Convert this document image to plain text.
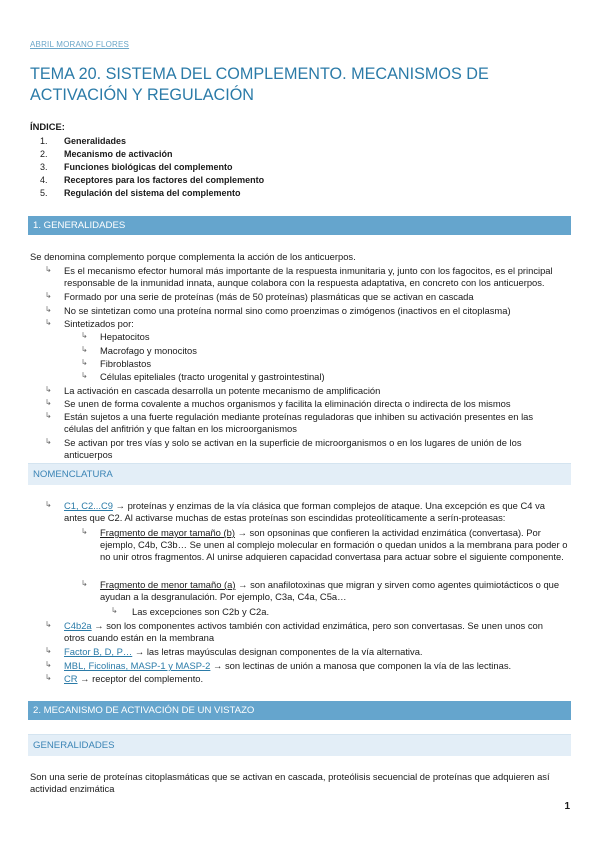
ABRIL MORANO FLORES
TEMA 20. SISTEMA DEL COMPLEMENTO. MECANISMOS DE ACTIVACIÓN Y REGULACIÓN
ÍNDICE:
1. Generalidades
2. Mecanismo de activación
3. Funciones biológicas del complemento
4. Receptores para los factores del complemento
5. Regulación del sistema del complemento
1. GENERALIDADES
Se denomina complemento porque complementa la acción de los anticuerpos.
↳ Es el mecanismo efector humoral más importante de la respuesta inmunitaria y, junto con los fagocitos, es el principal responsable de la inmunidad innata, aunque colabora con la respuesta adaptativa, en concreto con los anticuerpos.
↳ Formado por una serie de proteínas (más de 50 proteínas) plasmáticas que se activan en cascada
↳ No se sintetizan como una proteína normal sino como proenzimas o zimógenos (inactivos en el citoplasma)
↳ Sintetizados por:
↳ Hepatocitos
↳ Macrofago y monocitos
↳ Fibroblastos
↳ Células epiteliales (tracto urogenital y gastrointestinal)
↳ La activación en cascada desarrolla un potente mecanismo de amplificación
↳ Se unen de forma covalente a muchos organismos y facilita la eliminación directa o indirecta de los mismos
↳ Están sujetos a una fuerte regulación mediante proteínas reguladoras que inhiben su activación presentes en las células del anfitrión y que faltan en los microorganismos
↳ Se activan por tres vías y solo se activan en la superficie de microorganismos o en los lugares de unión de los anticuerpos
NOMENCLATURA
↳ C1, C2...C9 → proteínas y enzimas de la vía clásica que forman complejos de ataque. Una excepción es que C4 va antes que C2. Al activarse muchas de estas proteínas son escindidas proteolíticamente a serín-proteasas:
↳ Fragmento de mayor tamaño (b) → son opsoninas que confieren la actividad enzimática (convertasa). Por ejemplo, C4b, C3b… Se unen al complejo molecular en formación o quedan unidos a la membrana para poder o no unir otros fragmentos. Al unirse adquieren capacidad convertasa para actuar sobre el siguiente componente.
↳ Fragmento de menor tamaño (a) → son anafilotoxinas que migran y sirven como agentes quimiotácticos o que ayudan a la desgranulación. Por ejemplo, C3a, C4a, C5a…
↳ Las excepciones son C2b y C2a.
↳ C4b2a → son los componentes activos también con actividad enzimática, pero son convertasas. Se unen unos con otros cuando están en la membrana
↳ Factor B, D, P… → las letras mayúsculas designan componentes de la vía alternativa.
↳ MBL, Ficolinas, MASP-1 y MASP-2 → son lectinas de unión a manosa que componen la vía de las lectinas.
↳ CR → receptor del complemento.
2. MECANISMO DE ACTIVACIÓN DE UN VISTAZO
GENERALIDADES
Son una serie de proteínas citoplasmáticas que se activan en cascada, proteólisis secuencial de proteínas que adquieren así actividad enzimática
1
